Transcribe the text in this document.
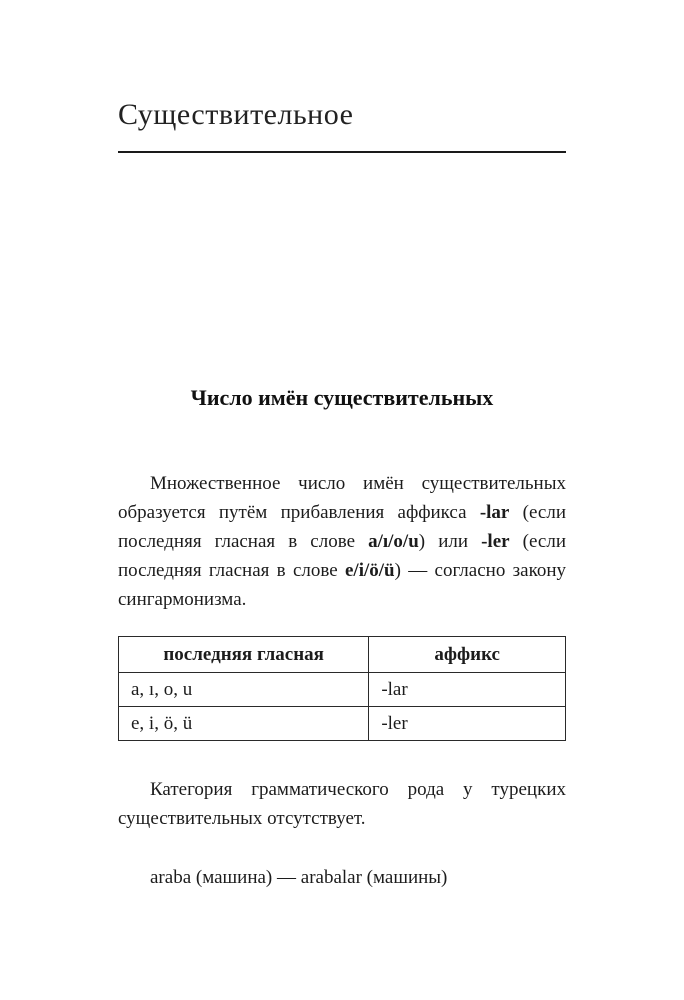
Существительное
Число имён существительных

Множественное число имён существительных образуется путём прибавления аффикса -lar (если последняя гласная в слове a/ı/o/u) или -ler (если последняя гласная в слове e/i/ö/ü) — согласно закону сингармонизма.

последняя гласная	аффикс
a, ı, o, u	-lar
e, i, ö, ü	-ler

Категория грамматического рода у турецких существительных отсутствует.

araba (машина) — arabalar (машины)
